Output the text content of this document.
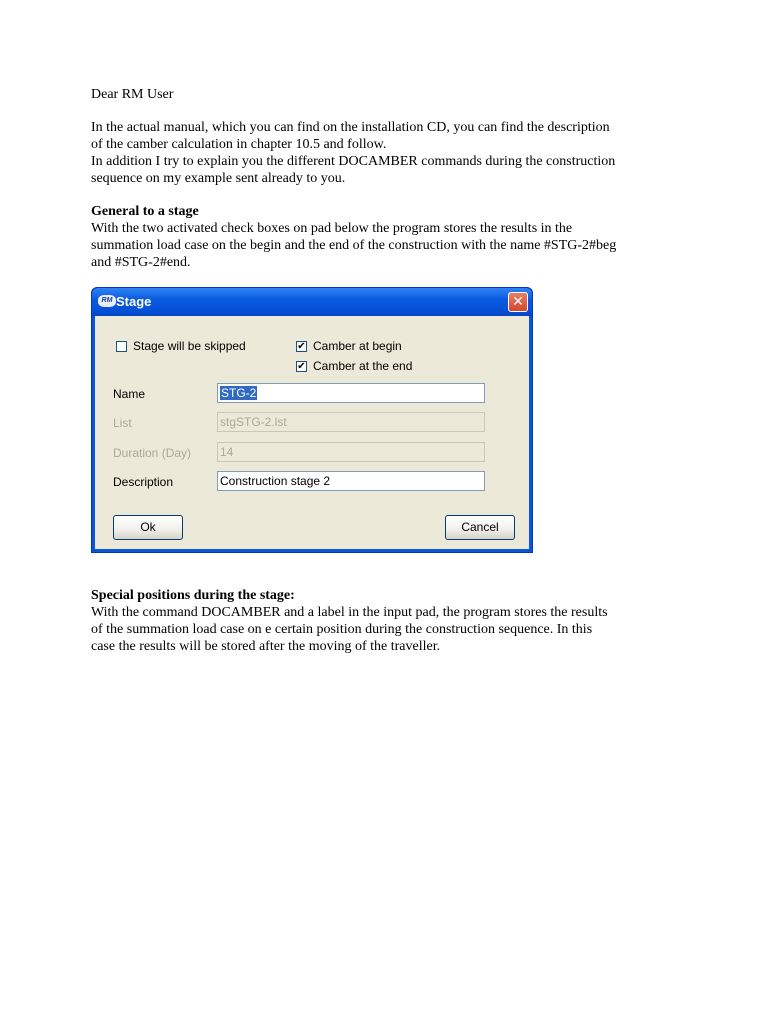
Dear RM User

In the actual manual, which you can find on the installation CD, you can find the description

of the camber calculation in chapter 10.5 and follow.

In addition I try to explain you the different DOCAMBER commands during the construction

sequence on my example sent already to you.

General to a stage

With the two activated check boxes on pad below the program stores the results in the

summation load case on the begin and the end of the construction with the name #STG-2#beg

and #STG-2#end.

RM Stage	✕
Stage will be skipped	✔ Camber at begin
✔ Camber at the end
Name	STG-2
List	stgSTG-2.lst
Duration (Day) 14
Description	Construction stage 2
Ok	Cancel

Special positions during the stage:

With the command DOCAMBER and a label in the input pad, the program stores the results

of the summation load case on e certain position during the construction sequence. In this

case the results will be stored after the moving of the traveller.
